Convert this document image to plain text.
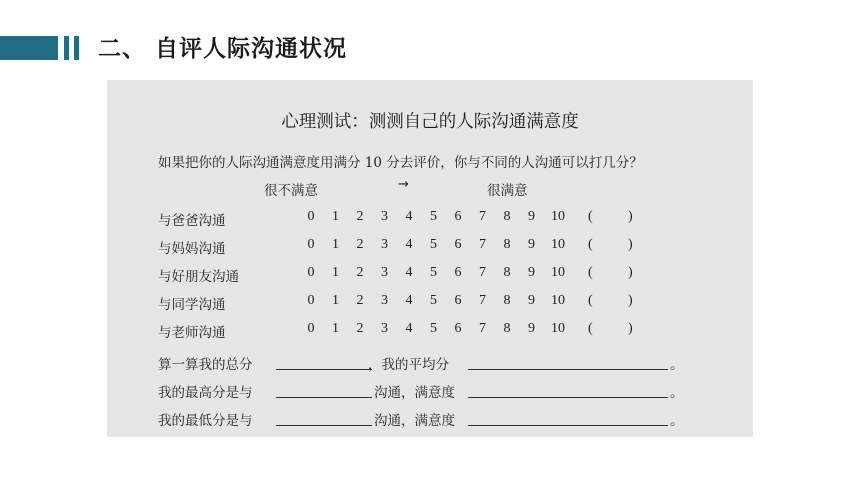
二、 自评人际沟通状况
心理测试：测测自己的人际沟通满意度
如果把你的人际沟通满意度用满分 10 分去评价，你与不同的人沟通可以打几分？
很不满意	→	很满意
与爸爸沟通	0 1 2 3 4 5 6 7 8 9 10 (	)
与妈妈沟通	0 1 2 3 4 5 6 7 8 9 10 (	)
与好朋友沟通	0 1 2 3 4 5 6 7 8 9 10 (	)
与同学沟通	0 1 2 3 4 5 6 7 8 9 10 (	)
与老师沟通	0 1 2 3 4 5 6 7 8 9 10 (	)
算一算我的总分	，我的平均分	。
我的最高分是与	沟通，满意度	。
我的最低分是与	沟通，满意度	。
